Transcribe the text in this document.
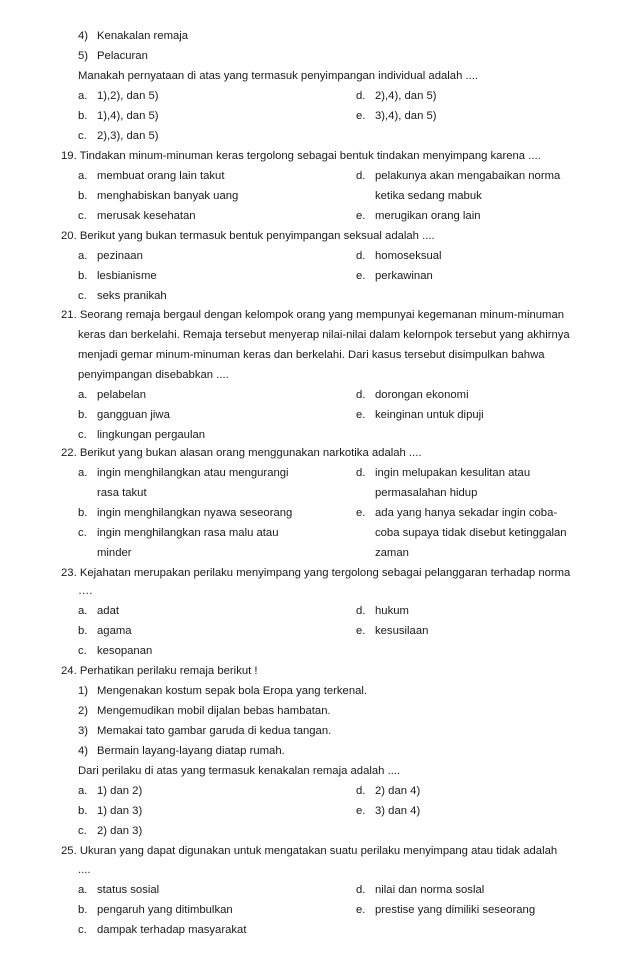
4) Kenakalan remaja
5) Pelacuran
Manakah pernyataan di atas yang termasuk penyimpangan individual adalah ....
a. 1),2), dan 5)	d. 2),4), dan 5)
b. 1),4), dan 5)	e. 3),4), dan 5)
c. 2),3), dan 5)
19. Tindakan minum-minuman keras tergolong sebagai bentuk tindakan menyimpang karena ....
a. membuat orang lain takut	d. pelakunya akan mengabaikan norma
b. menghabiskan banyak uang	ketika sedang mabuk
c. merusak kesehatan	e. merugikan orang lain
20. Berikut yang bukan termasuk bentuk penyimpangan seksual adalah ....
a. pezinaan	d. homoseksual
b. lesbianisme	e. perkawinan
c. seks pranikah
21. Seorang remaja bergaul dengan kelompok orang yang mempunyai kegemanan minum-minuman
keras dan berkelahi. Remaja tersebut menyerap nilai-nilai dalam kelornpok tersebut yang akhirnya
menjadi gemar minum-minuman keras dan berkelahi. Dari kasus tersebut disimpulkan bahwa
penyimpangan disebabkan ....
a. pelabelan	d. dorongan ekonomi
b. gangguan jiwa	e. keinginan untuk dipuji
c. lingkungan pergaulan
22. Berikut yang bukan alasan orang menggunakan narkotika adalah ....
a. ingin menghilangkan atau mengurangi	d. ingin melupakan kesulitan atau
rasa takut	permasalahan hidup
b. ingin menghilangkan nyawa seseorang	e. ada yang hanya sekadar ingin coba-
c. ingin menghilangkan rasa malu atau	coba supaya tidak disebut ketinggalan
minder	zaman
23. Kejahatan merupakan perilaku menyimpang yang tergolong sebagai pelanggaran terhadap norma
….
a. adat	d. hukum
b. agama	e. kesusilaan
c. kesopanan
24. Perhatikan perilaku remaja berikut !
1) Mengenakan kostum sepak bola Eropa yang terkenal.
2) Mengemudikan mobil dijalan bebas hambatan.
3) Memakai tato gambar garuda di kedua tangan.
4) Bermain layang-layang diatap rumah.
Dari perilaku di atas yang termasuk kenakalan remaja adalah ....
a. 1) dan 2)	d. 2) dan 4)
b. 1) dan 3)	e. 3) dan 4)
c. 2) dan 3)
25. Ukuran yang dapat digunakan untuk mengatakan suatu perilaku menyimpang atau tidak adalah
....
a. status sosial	d. nilai dan norma soslal
b. pengaruh yang ditimbulkan	e. prestise yang dimiliki seseorang
c. dampak terhadap masyarakat
